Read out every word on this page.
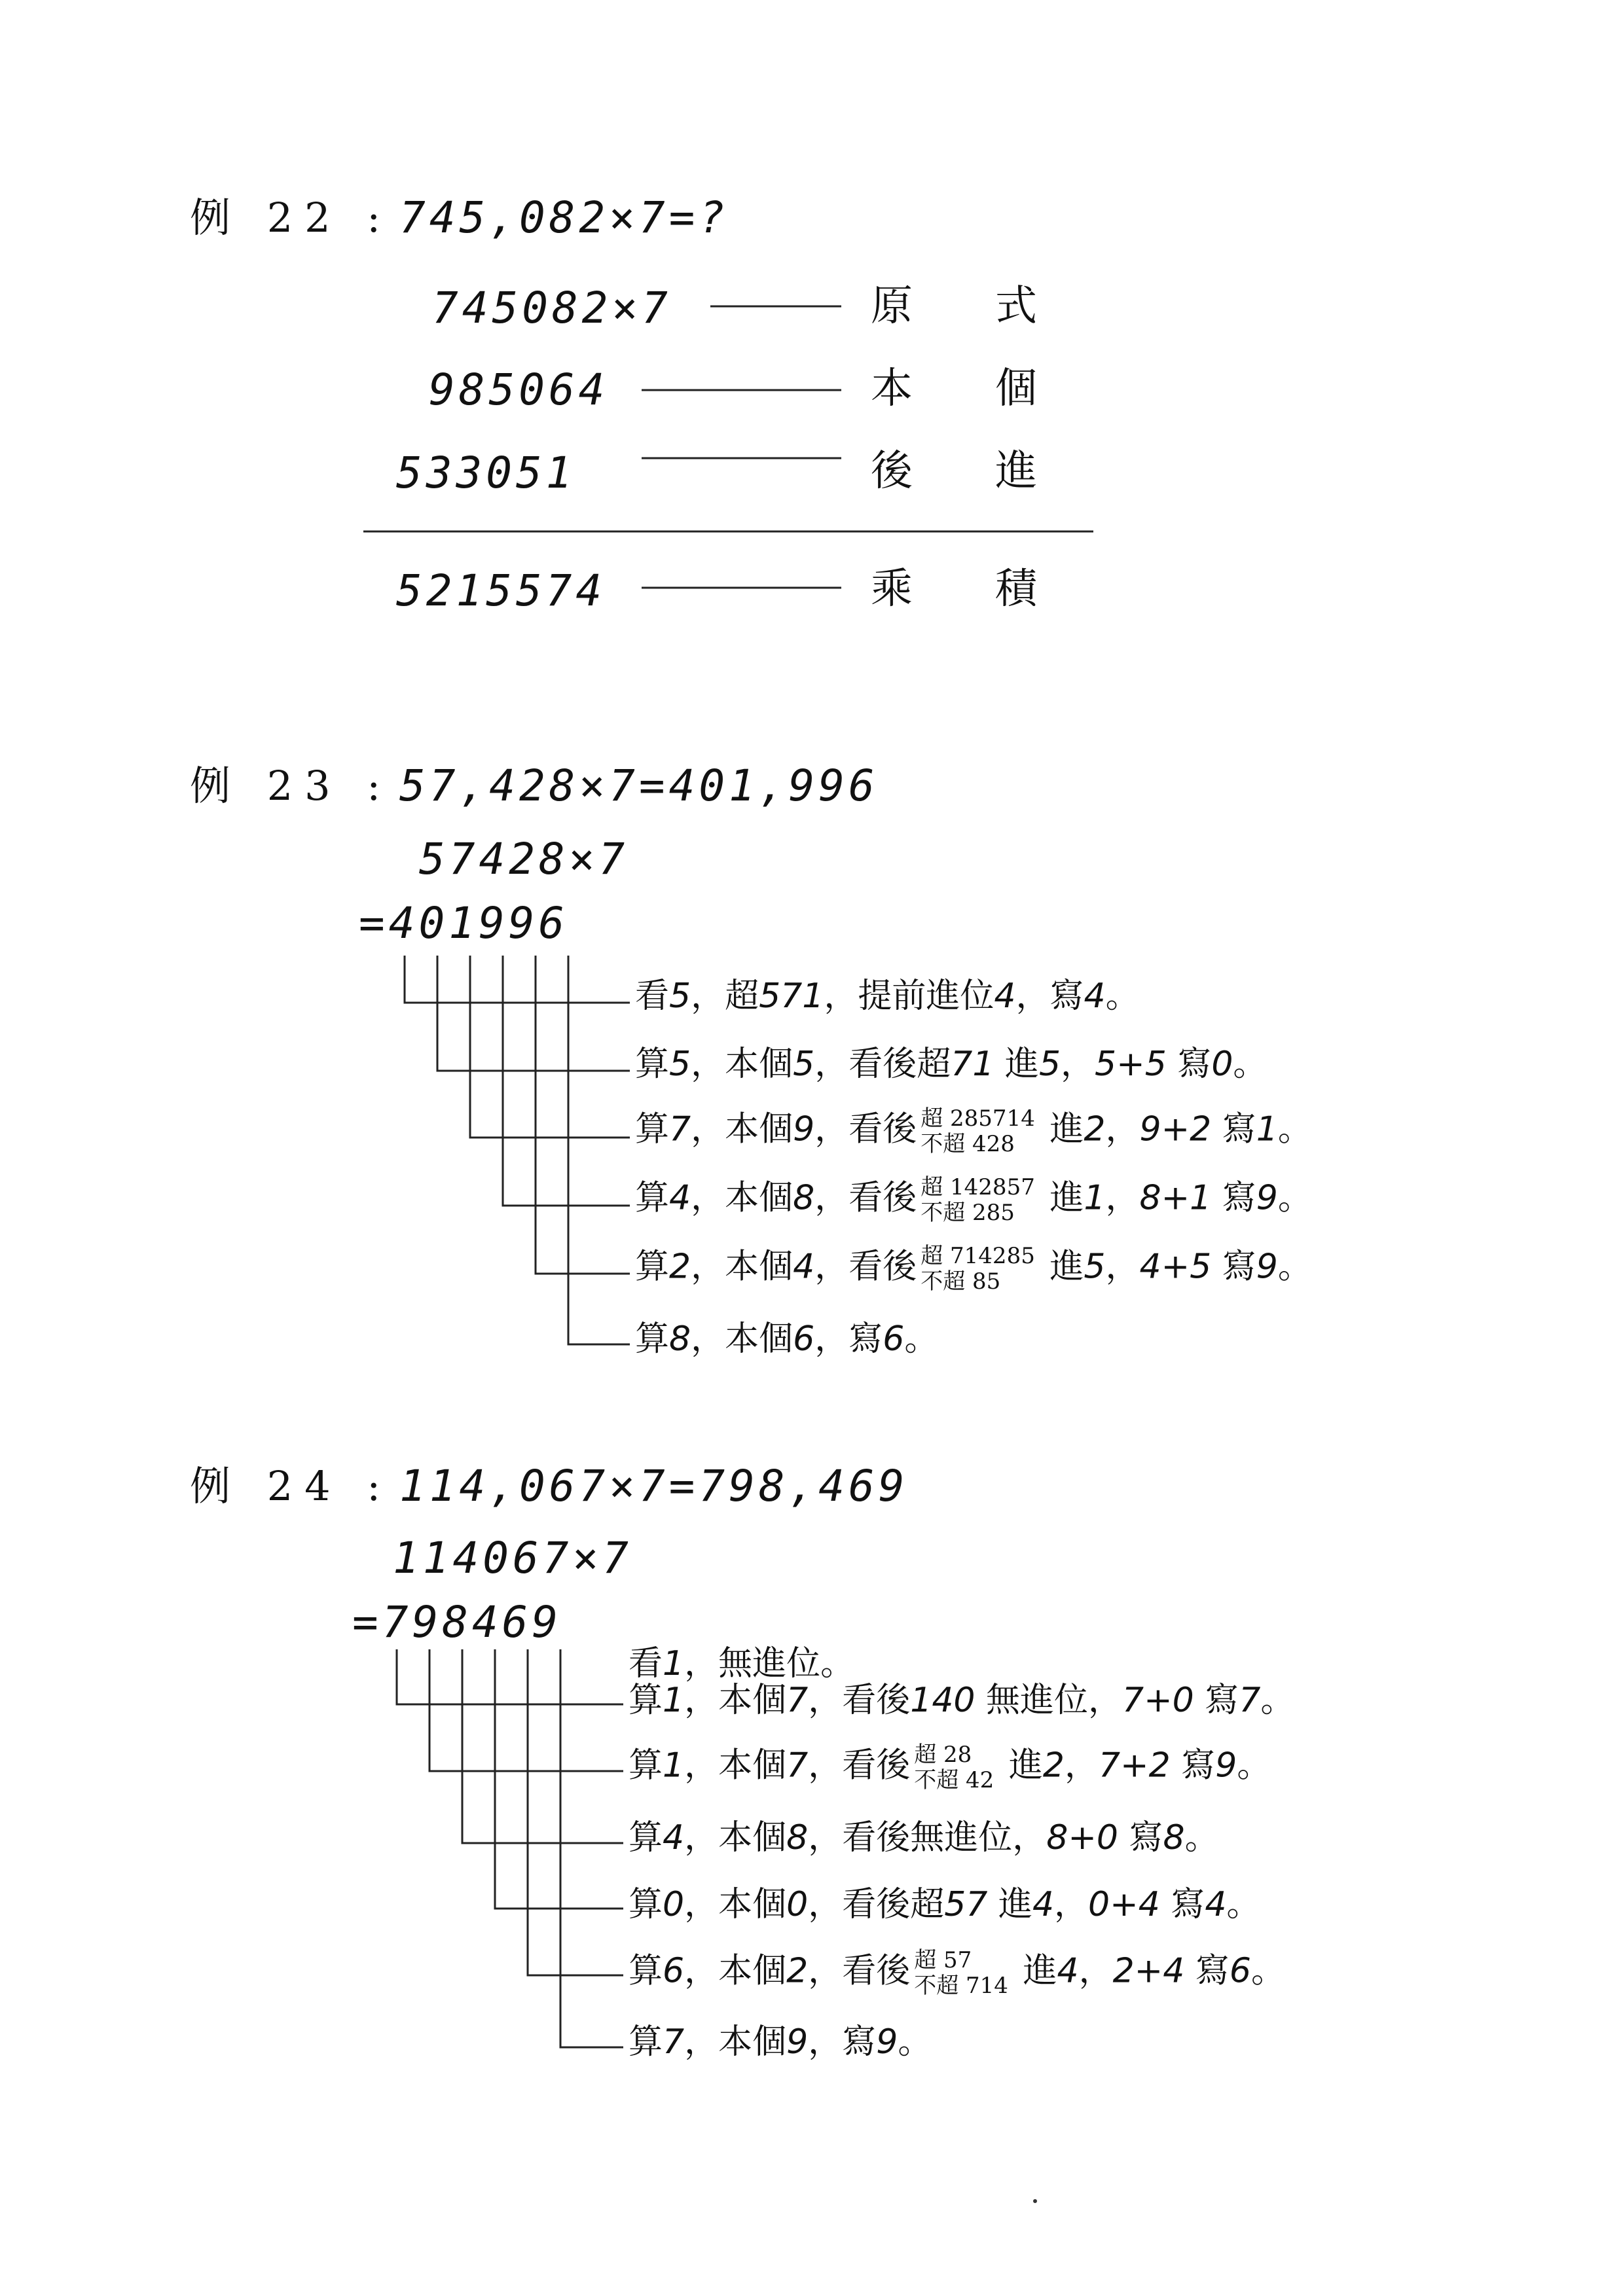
例 22 : 745,082×7=?
745082×7	原 式
985064	本 個
533051	後 進
5215574	乘 積
例 23 : 57,428×7=401,996
57428×7
=401996
看5，超571，提前進位4，寫4。
算5，本個5，看後超71 進5，5+5 寫0。
算7，本個9，看後 超 285714
不超 428	進2，9+2 寫1。
算4，本個8，看後 超 142857
不超 285	進1，8+1 寫9。
算2，本個4，看後 超 714285
不超 85	進5，4+5 寫9。
算8，本個6，寫6。
例 24 : 114,067×7=798,469
114067×7
=798469
看1，無進位。
算1，本個7，看後140 無進位，7+0 寫7。
算1，本個7，看後 超 28
不超 42 進2，7+2 寫9。
算4，本個8，看後無進位，8+0 寫8。
算0，本個0，看後超57 進4，0+4 寫4。
算6，本個2，看後 超 57
不超 714 進4，2+4 寫6。
算7，本個9，寫9。
